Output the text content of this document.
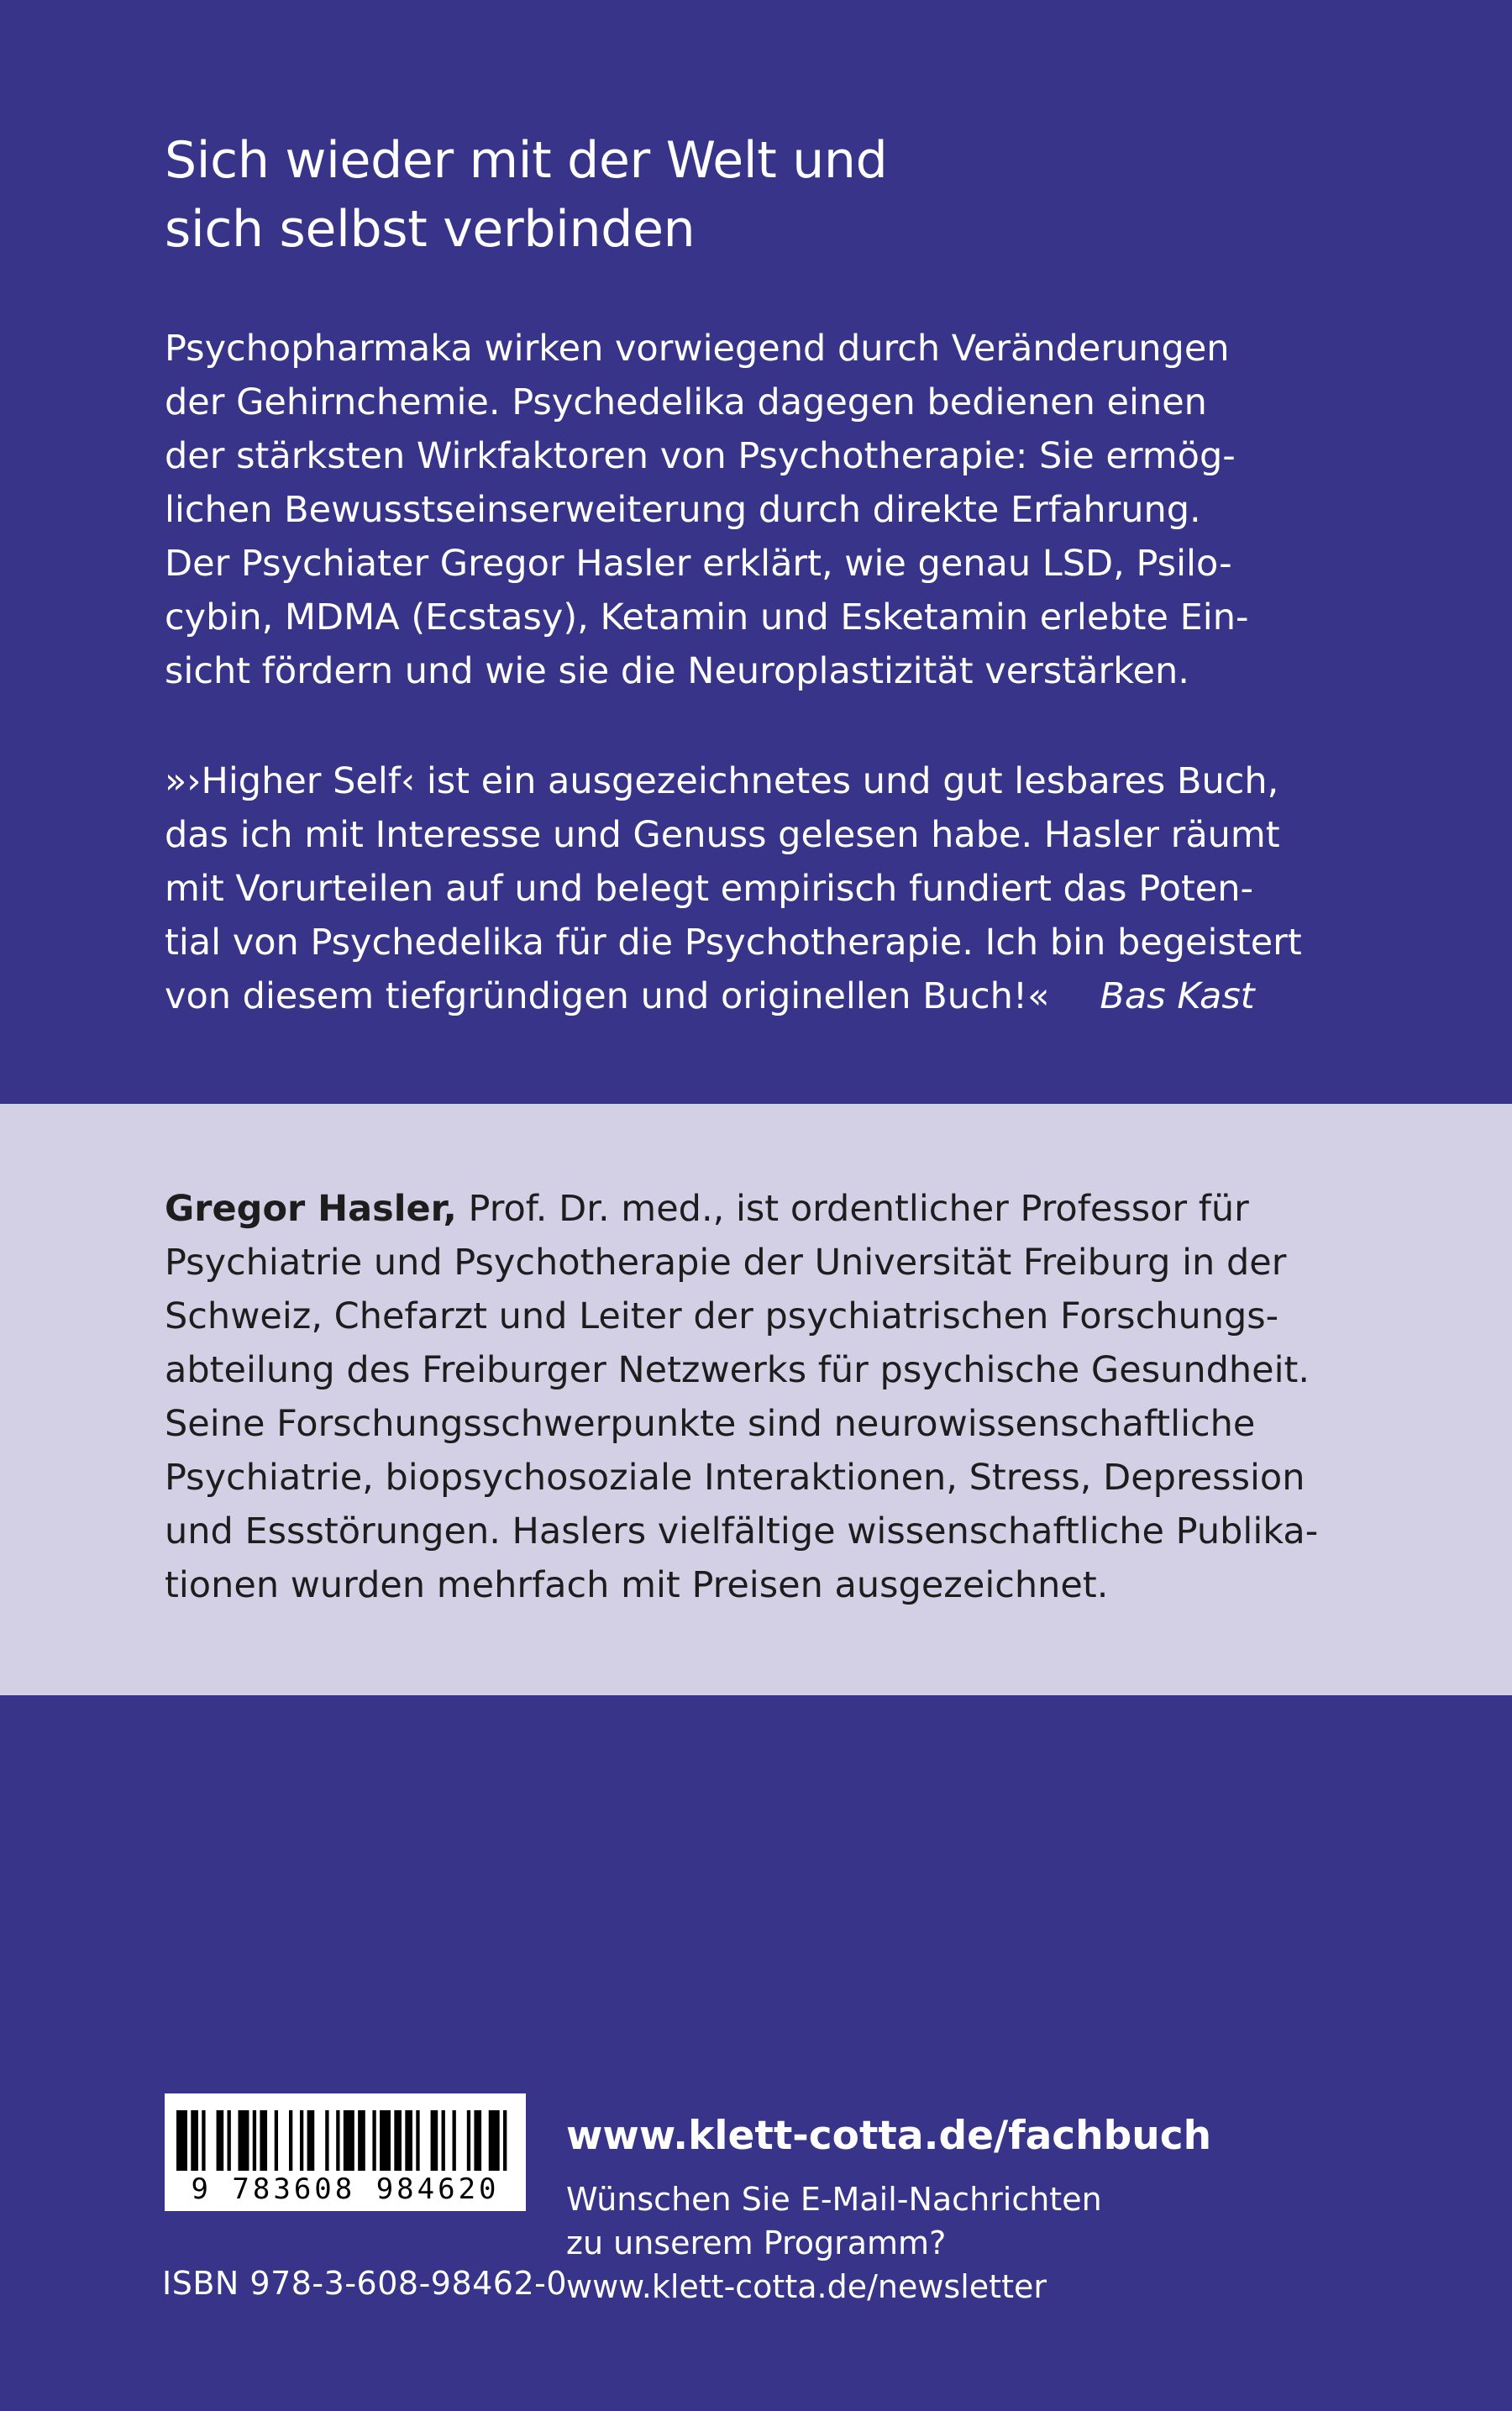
Sich wieder mit der Welt und
sich selbst verbinden

Psychopharmaka wirken vorwiegend durch Veränderungen
der Gehirnchemie. Psychedelika dagegen bedienen einen
der stärksten Wirkfaktoren von Psychotherapie: Sie ermög-
lichen Bewusstseinserweiterung durch direkte Erfahrung.
Der Psychiater Gregor Hasler erklärt, wie genau LSD, Psilo-
cybin, MDMA (Ecstasy), Ketamin und Esketamin erlebte Ein-
sicht fördern und wie sie die Neuroplastizität verstärken.

»›Higher Self‹ ist ein ausgezeichnetes und gut lesbares Buch,
das ich mit Interesse und Genuss gelesen habe. Hasler räumt
mit Vorurteilen auf und belegt empirisch fundiert das Poten-
tial von Psychedelika für die Psychotherapie. Ich bin begeistert
von diesem tiefgründigen und originellen Buch!« Bas Kast

Gregor Hasler, Prof. Dr. med., ist ordentlicher Professor für
Psychiatrie und Psychotherapie der Universität Freiburg in der
Schweiz, Chefarzt und Leiter der psychiatrischen Forschungs-
abteilung des Freiburger Netzwerks für psychische Gesundheit.
Seine Forschungsschwerpunkte sind neurowissenschaftliche
Psychiatrie, biopsychosoziale Interaktionen, Stress, Depression
und Essstörungen. Haslers vielfältige wissenschaftliche Publika-
tionen wurden mehrfach mit Preisen ausgezeichnet.

9 783608 984620
ISBN 978-3-608-98462-0

www.klett-cotta.de/fachbuch

Wünschen Sie E-Mail-Nachrichten
zu unserem Programm?
www.klett-cotta.de/newsletter
